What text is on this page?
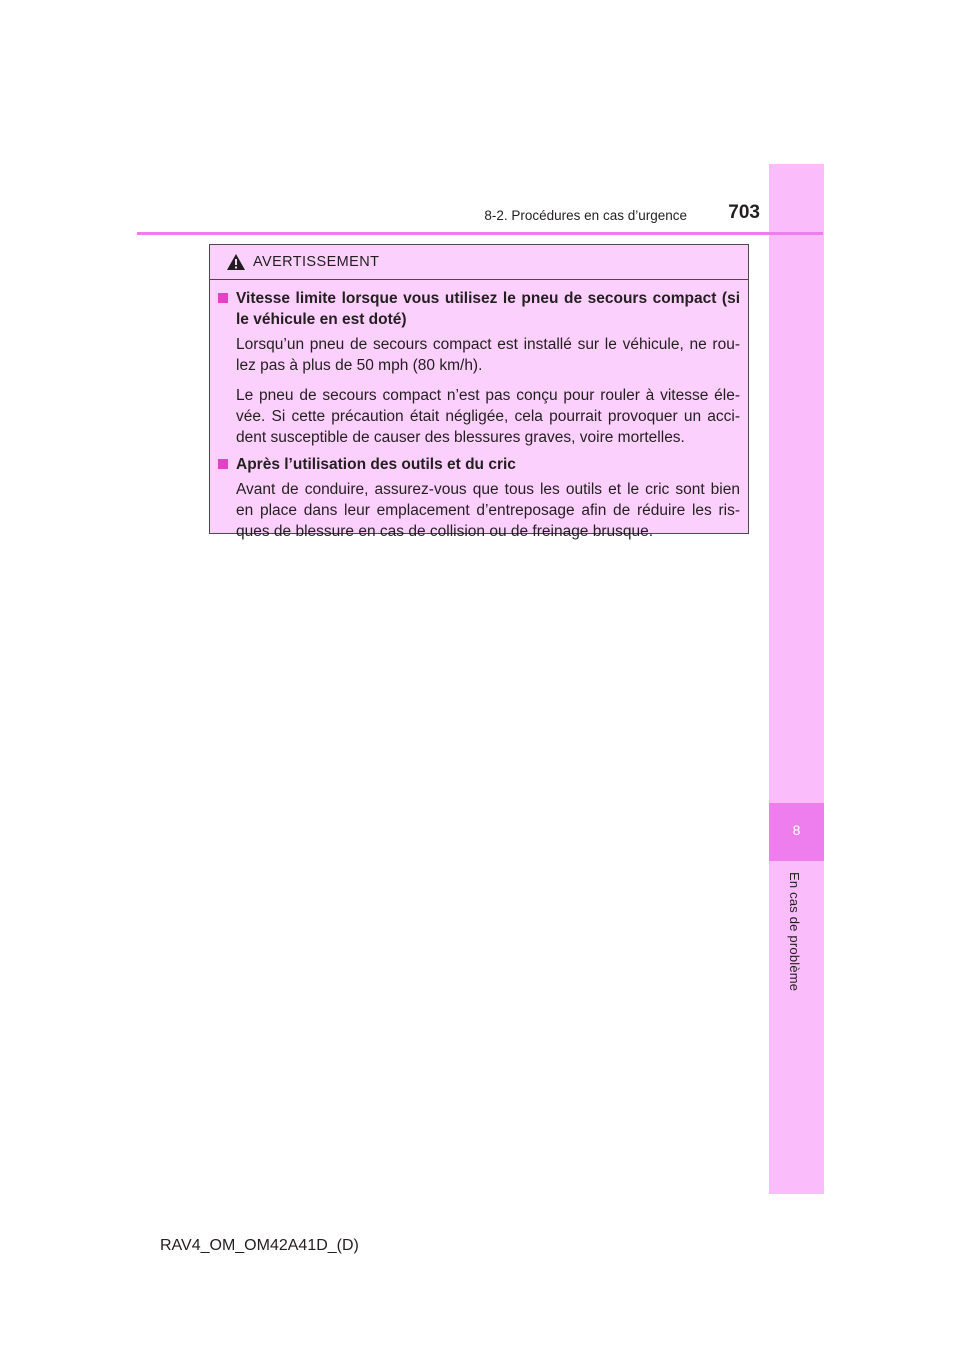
8
En cas de problème
8-2. Procédures en cas d’urgence	703
AVERTISSEMENT
Vitesse limite lorsque vous utilisez le pneu de secours compact (si le véhicule en est doté)
Lorsqu’un pneu de secours compact est installé sur le véhicule, ne rou-lez pas à plus de 50 mph (80 km/h).
Le pneu de secours compact n’est pas conçu pour rouler à vitesse éle-vée. Si cette précaution était négligée, cela pourrait provoquer un acci-dent susceptible de causer des blessures graves, voire mortelles.
Après l’utilisation des outils et du cric
Avant de conduire, assurez-vous que tous les outils et le cric sont bien en place dans leur emplacement d’entreposage afin de réduire les ris-ques de blessure en cas de collision ou de freinage brusque.
RAV4_OM_OM42A41D_(D)
